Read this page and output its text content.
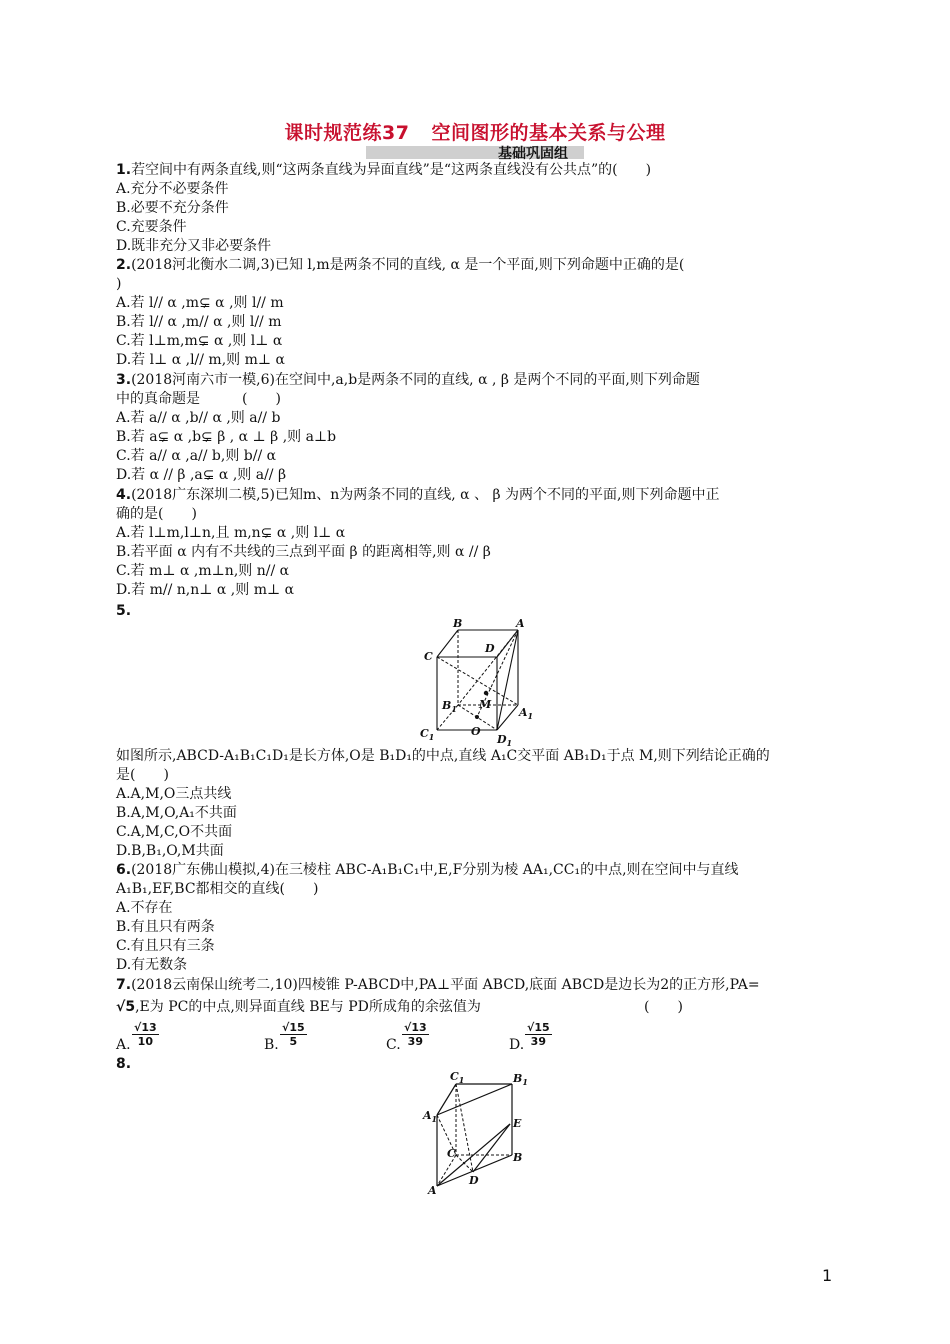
课时规范练37 空间图形的基本关系与公理
基础巩固组
1.若空间中有两条直线,则“这两条直线为异面直线”是“这两条直线没有公共点”的(　　)
A.充分不必要条件
B.必要不充分条件
C.充要条件
D.既非充分又非必要条件
2.(2018河北衡水二调,3)已知 l,m是两条不同的直线, α 是一个平面,则下列命题中正确的是(
)
A.若 l// α ,m⊊ α ,则 l// m
B.若 l// α ,m// α ,则 l// m
C.若 l⊥m,m⊊ α ,则 l⊥ α
D.若 l⊥ α ,l// m,则 m⊥ α
3.(2018河南六市一模,6)在空间中,a,b是两条不同的直线, α , β 是两个不同的平面,则下列命题
中的真命题是　　　(　　)
A.若 a// α ,b// α ,则 a// b
B.若 a⊊ α ,b⊊ β , α ⊥ β ,则 a⊥b
C.若 a// α ,a// b,则 b// α
D.若 α // β ,a⊊ α ,则 a// β
4.(2018广东深圳二模,5)已知m、n为两条不同的直线, α 、 β 为两个不同的平面,则下列命题中正
确的是(　　)
A.若 l⊥m,l⊥n,且 m,n⊊ α ,则 l⊥ α
B.若平面 α 内有不共线的三点到平面 β 的距离相等,则 α // β
C.若 m⊥ α ,m⊥n,则 n// α
D.若 m// n,n⊥ α ,则 m⊥ α
5.
B	A
C
D
M
O
$B_1$	$A_1$
$C_1$	$D_1$
如图所示,ABCD-A₁B₁C₁D₁是长方体,O是 B₁D₁的中点,直线 A₁C交平面 AB₁D₁于点 M,则下列结论正确的
是(　　)
A.A,M,O三点共线
B.A,M,O,A₁不共面
C.A,M,C,O不共面
D.B,B₁,O,M共面
6.(2018广东佛山模拟,4)在三棱柱 ABC-A₁B₁C₁中,E,F分别为棱 AA₁,CC₁的中点,则在空间中与直线
A₁B₁,EF,BC都相交的直线(　　)
A.不存在
B.有且只有两条
C.有且只有三条
D.有无数条
7.(2018云南保山统考二,10)四棱锥 P-ABCD中,PA⊥平面 ABCD,底面 ABCD是边长为2的正方形,PA=
√5,E为 PC的中点,则异面直线 BE与 PD所成角的余弦值为	(　　)
A. $\frac{√13}{10}$	B. $\frac{√15}{5}$	C. $\frac{√13}{39}$	D. $\frac{√15}{39}$
8.
$C_1$	$B_1$
$A_1$	E
C	B
A
D
1
